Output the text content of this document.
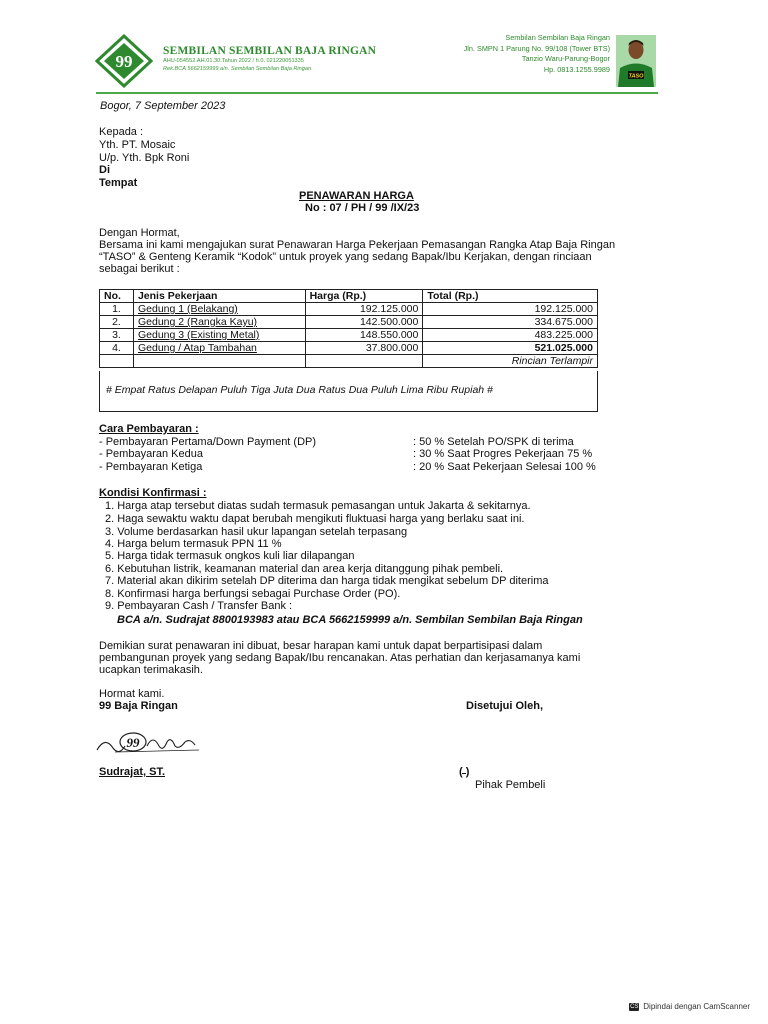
99
SEMBILAN SEMBILAN BAJA RINGAN
AHU-054552.AH.01.30.Tahun 2022 / h.0. 021220051335
Rek.BCA 5662159999 a/n. Sembilan Sembilan Baja Ringan
Sembilan Sembilan Baja Ringan
Jln. SMPN 1 Parung No. 99/108 (Tower BTS)
Tanzio Waru-Parung-Bogor
Hp. 0813.1255.9989
TASO
Bogor, 7 September 2023
Kepada :
Yth. PT. Mosaic
U/p. Yth. Bpk Roni
Di
Tempat
PENAWARAN HARGA
No : 07 / PH / 99 /IX/23
Dengan Hormat,
Bersama ini kami mengajukan surat Penawaran Harga Pekerjaan Pemasangan Rangka Atap Baja Ringan
“TASO” & Genteng Keramik “Kodok” untuk proyek yang sedang Bapak/Ibu Kerjakan, dengan rinciaan
sebagai berikut :
No.	Jenis Pekerjaan	Harga (Rp.)	Total (Rp.)
1.	Gedung 1 (Belakang)	192.125.000	192.125.000
2.	Gedung 2 (Rangka Kayu)	142.500.000	334.675.000
3.	Gedung 3 (Existing Metal)	148.550.000	483.225.000
4.	Gedung / Atap Tambahan	37.800.000	521.025.000
			Rincian Terlampir
# Empat Ratus Delapan Puluh Tiga Juta Dua Ratus Dua Puluh Lima Ribu Rupiah #
Cara Pembayaran :
- Pembayaran Pertama/Down Payment (DP)	: 50 % Setelah PO/SPK di terima
- Pembayaran Kedua	: 30 % Saat Progres Pekerjaan 75 %
- Pembayaran Ketiga	: 20 % Saat Pekerjaan Selesai 100 %
Kondisi Konfirmasi :
1. Harga atap tersebut diatas sudah termasuk pemasangan untuk Jakarta & sekitarnya.
2. Haga sewaktu waktu dapat berubah mengikuti fluktuasi harga yang berlaku saat ini.
3. Volume berdasarkan hasil ukur lapangan setelah terpasang
4. Harga belum termasuk PPN 11 %
5. Harga tidak termasuk ongkos kuli liar dilapangan
6. Kebutuhan listrik, keamanan material dan area kerja ditanggung pihak pembeli.
7. Material akan dikirim setelah DP diterima dan harga tidak mengikat sebelum DP diterima
8. Konfirmasi harga berfungsi sebagai Purchase Order (PO).
9. Pembayaran Cash / Transfer Bank :
BCA a/n. Sudrajat 8800193983 atau BCA 5662159999 a/n. Sembilan Sembilan Baja Ringan
Demikian surat penawaran ini dibuat, besar harapan kami untuk dapat berpartisipasi dalam
pembangunan proyek yang sedang Bapak/Ibu rencanakan. Atas perhatian dan kerjasamanya kami
ucapkan terimakasih.
Hormat kami.
99 Baja Ringan	Disetujui Oleh,
99
Sudrajat, ST.	( )
Pihak Pembeli
CS Dipindai dengan CamScanner
